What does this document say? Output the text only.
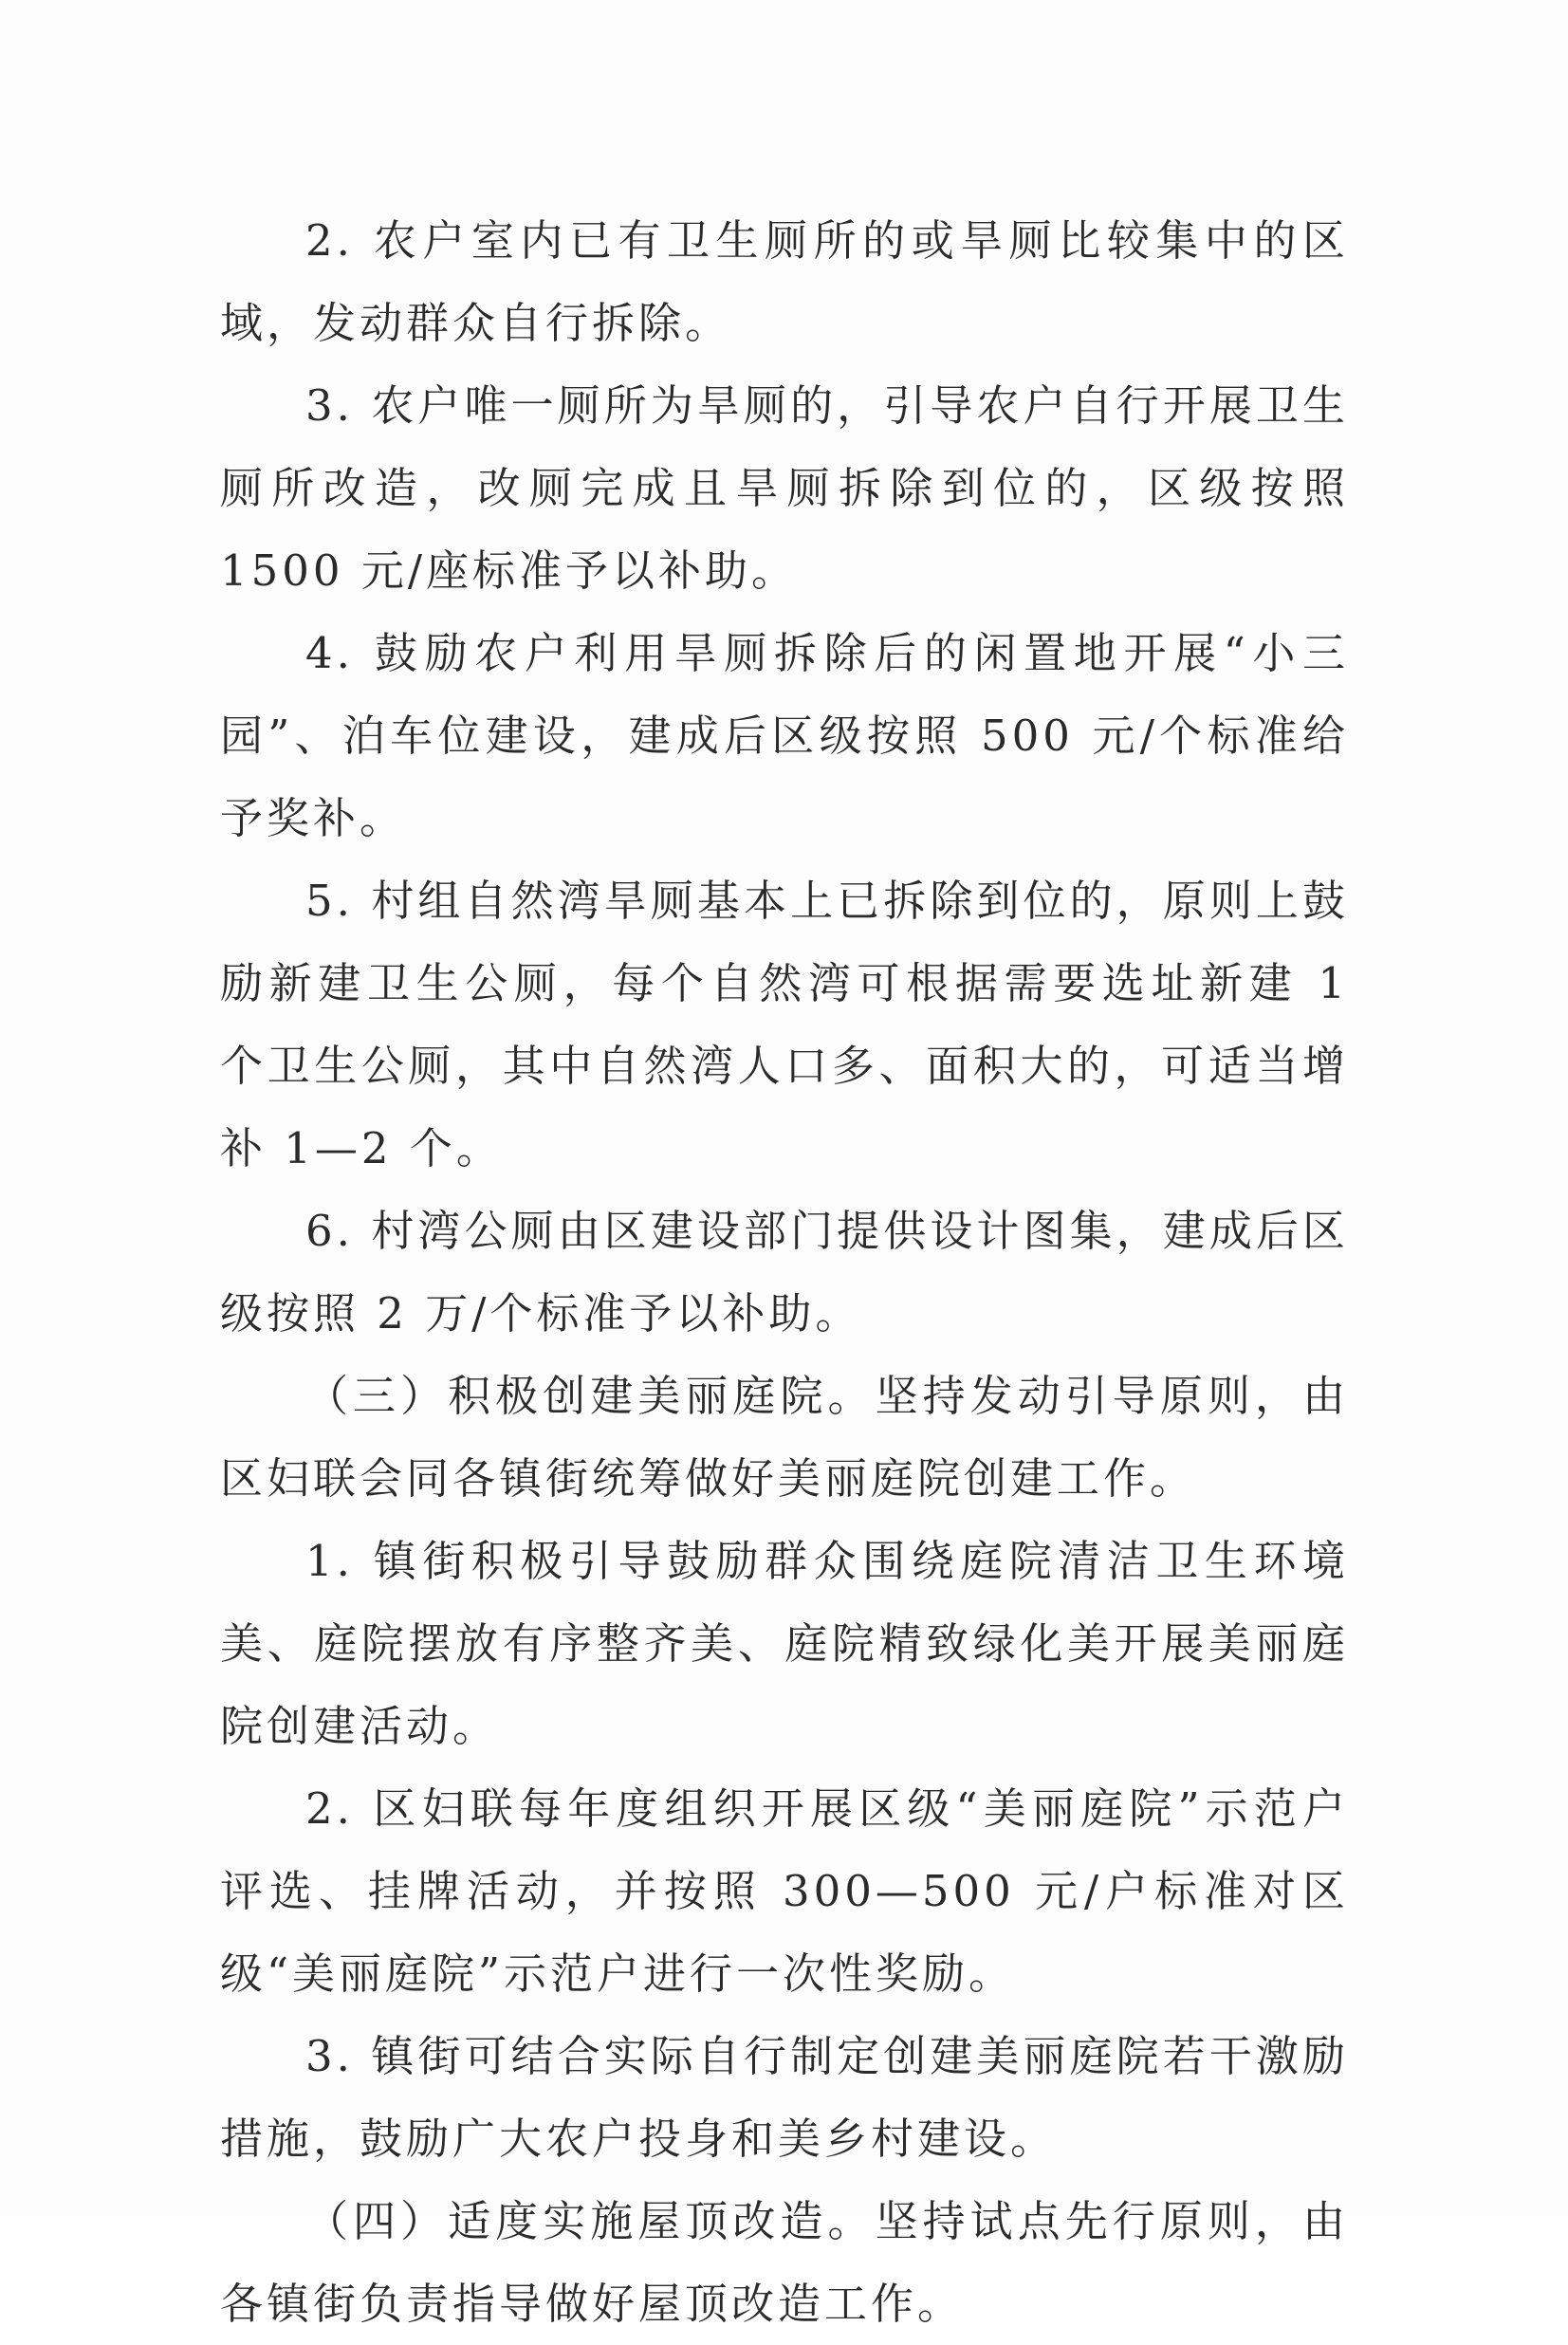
2. 农户室内已有卫生厕所的或旱厕比较集中的区域，发动群众自行拆除。

3. 农户唯一厕所为旱厕的，引导农户自行开展卫生厕所改造，改厕完成且旱厕拆除到位的，区级按照 1500 元/座标准予以补助。

4. 鼓励农户利用旱厕拆除后的闲置地开展“小三园”、泊车位建设，建成后区级按照 500 元/个标准给予奖补。

5. 村组自然湾旱厕基本上已拆除到位的，原则上鼓励新建卫生公厕，每个自然湾可根据需要选址新建 1 个卫生公厕，其中自然湾人口多、面积大的，可适当增补 1—2 个。

6. 村湾公厕由区建设部门提供设计图集，建成后区级按照 2 万/个标准予以补助。

（三）积极创建美丽庭院。坚持发动引导原则，由区妇联会同各镇街统筹做好美丽庭院创建工作。

1. 镇街积极引导鼓励群众围绕庭院清洁卫生环境美、庭院摆放有序整齐美、庭院精致绿化美开展美丽庭院创建活动。

2. 区妇联每年度组织开展区级“美丽庭院”示范户评选、挂牌活动，并按照 300—500 元/户标准对区级“美丽庭院”示范户进行一次性奖励。

3. 镇街可结合实际自行制定创建美丽庭院若干激励措施，鼓励广大农户投身和美乡村建设。

（四）适度实施屋顶改造。坚持试点先行原则，由各镇街负责指导做好屋顶改造工作。
